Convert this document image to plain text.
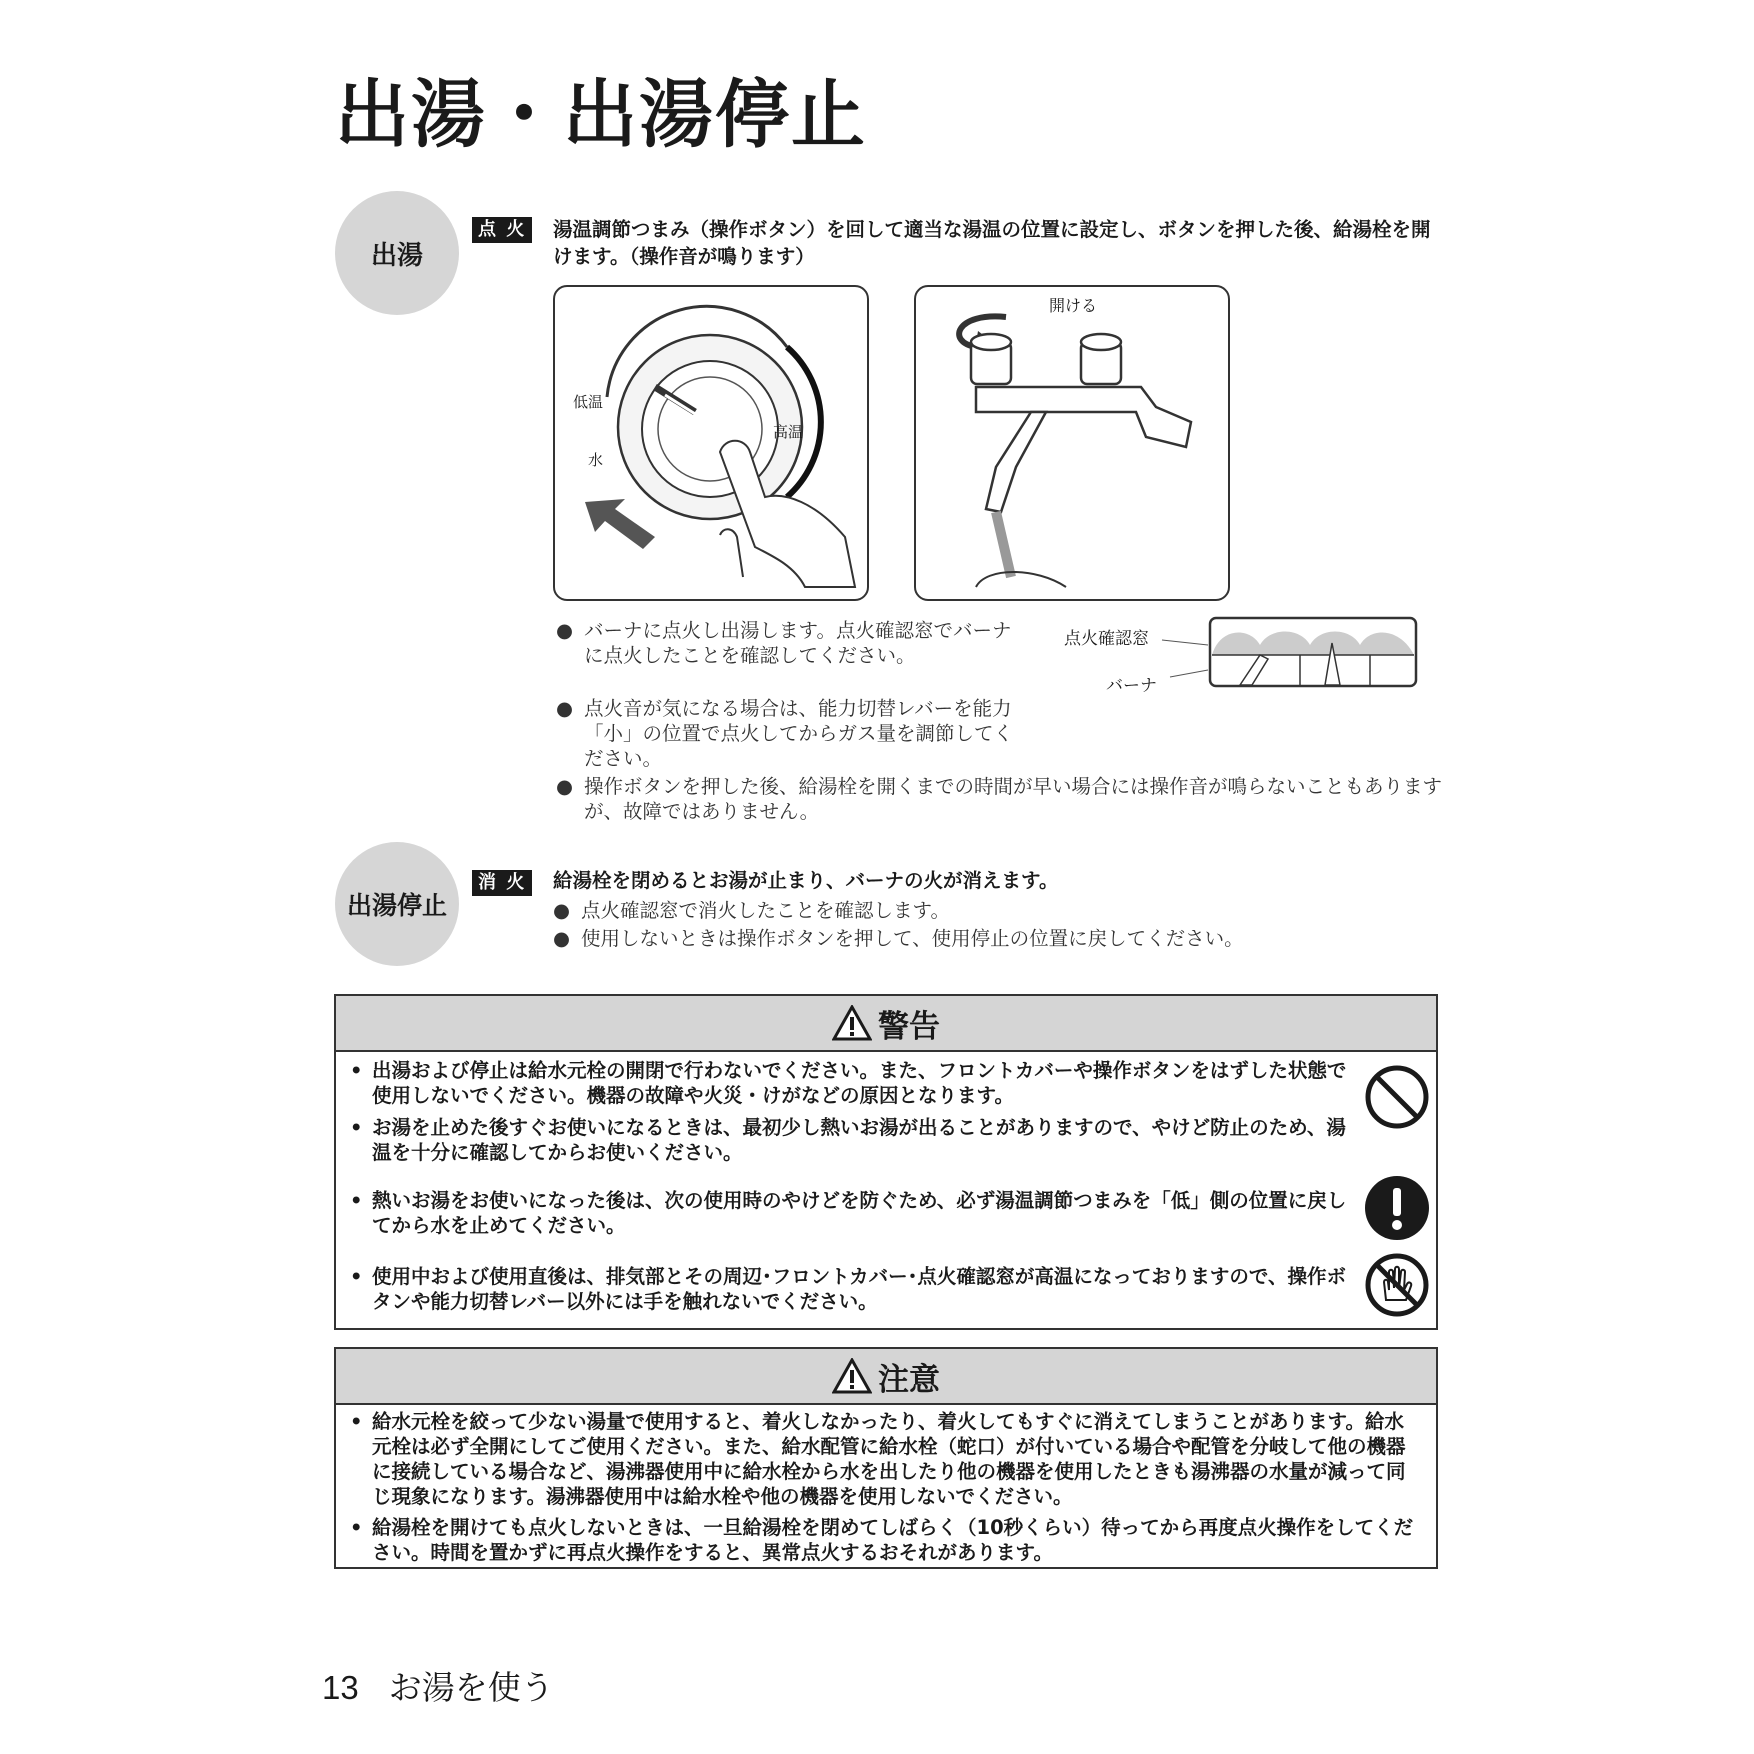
出湯・出湯停止
出湯
点 火	湯温調節つまみ（操作ボタン）を回して適当な湯温の位置に設定し、ボタンを押した後、給湯栓を開けます。（操作音が鳴ります）
低温
水
高温
開ける
点火確認窓
バーナ
● バーナに点火し出湯します。点火確認窓でバーナに点火したことを確認してください。
● 点火音が気になる場合は、能力切替レバーを能力「小」の位置で点火してからガス量を調節してください。
● 操作ボタンを押した後、給湯栓を開くまでの時間が早い場合には操作音が鳴らないこともありますが、故障ではありません。
出湯停止
消 火	給湯栓を閉めるとお湯が止まり、バーナの火が消えます。
● 点火確認窓で消火したことを確認します。
● 使用しないときは操作ボタンを押して、使用停止の位置に戻してください。
警告
• 出湯および停止は給水元栓の開閉で行わないでください。また、フロントカバーや操作ボタンをはずした状態で使用しないでください。機器の故障や火災・けがなどの原因となります。
• お湯を止めた後すぐお使いになるときは、最初少し熱いお湯が出ることがありますので、やけど防止のため、湯温を十分に確認してからお使いください。
• 熱いお湯をお使いになった後は、次の使用時のやけどを防ぐため、必ず湯温調節つまみを「低」側の位置に戻してから水を止めてください。
• 使用中および使用直後は、排気部とその周辺･フロントカバー･点火確認窓が高温になっておりますので、操作ボタンや能力切替レバー以外には手を触れないでください。
注意
• 給水元栓を絞って少ない湯量で使用すると、着火しなかったり、着火してもすぐに消えてしまうことがあります。給水元栓は必ず全開にしてご使用ください。また、給水配管に給水栓（蛇口）が付いている場合や配管を分岐して他の機器に接続している場合など、湯沸器使用中に給水栓から水を出したり他の機器を使用したときも湯沸器の水量が減って同じ現象になります。湯沸器使用中は給水栓や他の機器を使用しないでください。
• 給湯栓を開けても点火しないときは、一旦給湯栓を閉めてしばらく（10秒くらい）待ってから再度点火操作をしてください。時間を置かずに再点火操作をすると、異常点火するおそれがあります。
13 お湯を使う
